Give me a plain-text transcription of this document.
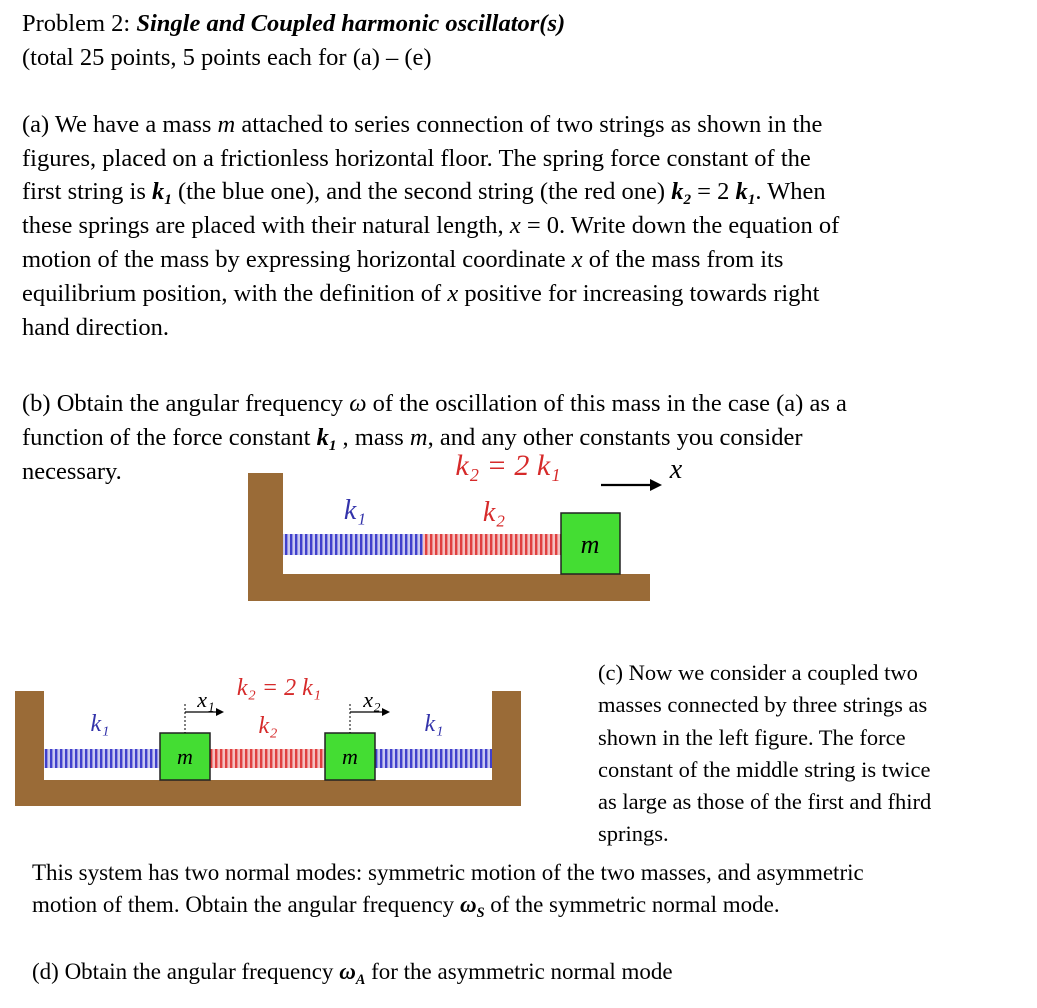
Problem 2: Single and Coupled harmonic oscillator(s)
(total 25 points, 5 points each for (a) – (e)
(a) We have a mass m attached to series connection of two strings as shown in the
figures, placed on a frictionless horizontal floor. The spring force constant of the
first string is $k_1$ (the blue one), and the second string (the red one) $k_2 = 2$ $k_1$. When
these springs are placed with their natural length, x = 0. Write down the equation of
motion of the mass by expressing horizontal coordinate x of the mass from its
equilibrium position, with the definition of x positive for increasing towards right
hand direction.
(b) Obtain the angular frequency ω of the oscillation of this mass in the case (a) as a
function of the force constant $k_1$ , mass m, and any other constants you consider
necessary.
m
k₁	k₂
k₂ = 2 k₁	x
m	m
x₁	x₂
k₁	k₂	k₁
k₂ = 2 k₁
(c) Now we consider a coupled two
masses connected by three strings as
shown in the left figure. The force
constant of the middle string is twice
as large as those of the first and fhird
springs.
This system has two normal modes: symmetric motion of the two masses, and asymmetric
motion of them. Obtain the angular frequency $\omega_S$ of the symmetric normal mode.
(d) Obtain the angular frequency $\omega_A$ for the asymmetric normal mode
